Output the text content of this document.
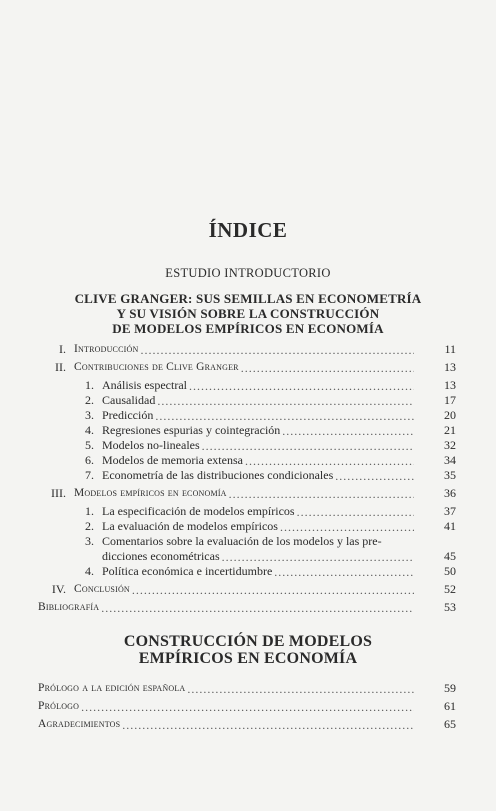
ÍNDICE
ESTUDIO INTRODUCTORIO
CLIVE GRANGER: SUS SEMILLAS EN ECONOMETRÍA
Y SU VISIÓN SOBRE LA CONSTRUCCIÓN
DE MODELOS EMPÍRICOS EN ECONOMÍA
I. Introducción .....	11
II. Contribuciones de Clive Granger .....	13
1. Análisis espectral .....	13
2. Causalidad .....	17
3. Predicción .....	20
4. Regresiones espurias y cointegración .....	21
5. Modelos no-lineales .....	32
6. Modelos de memoria extensa .....	34
7. Econometría de las distribuciones condicionales .....	35
III. Modelos empíricos en economía .....	36
1. La especificación de modelos empíricos .....	37
2. La evaluación de modelos empíricos .....	41
3. Comentarios sobre la evaluación de los modelos y las pre-
dicciones econométricas .....	45
4. Política económica e incertidumbre .....	50
IV. Conclusión .....	52
Bibliografía .....	53
CONSTRUCCIÓN DE MODELOS
EMPÍRICOS EN ECONOMÍA
Prólogo a la edición española .....	59
Prólogo .....	61
Agradecimientos .....	65
